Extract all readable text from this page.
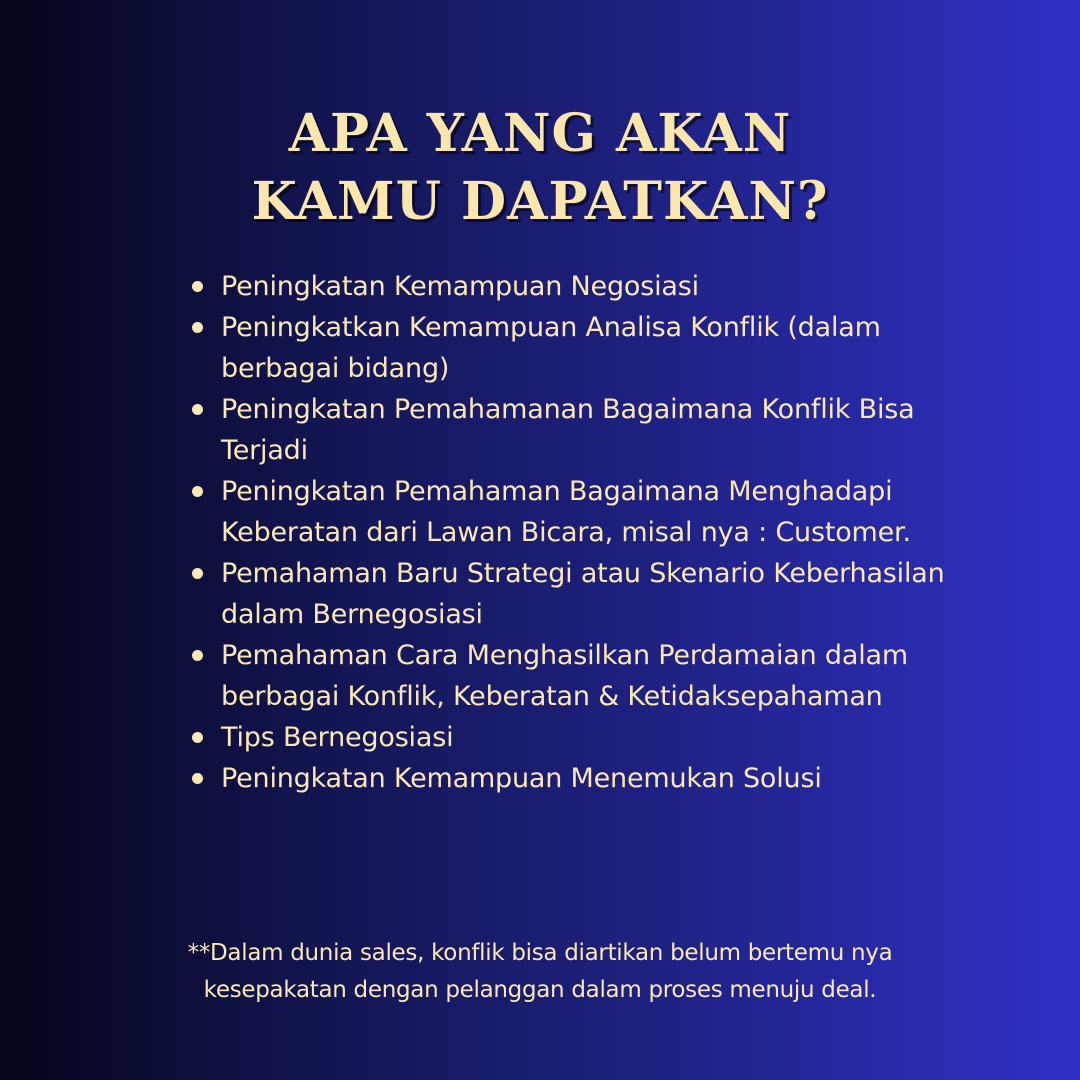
APA YANG AKAN
KAMU DAPATKAN?
Peningkatan Kemampuan Negosiasi
Peningkatkan Kemampuan Analisa Konflik (dalam berbagai bidang)
Peningkatan Pemahamanan Bagaimana Konflik Bisa Terjadi
Peningkatan Pemahaman Bagaimana Menghadapi Keberatan dari Lawan Bicara, misal nya : Customer.
Pemahaman Baru Strategi atau Skenario Keberhasilan dalam Bernegosiasi
Pemahaman Cara Menghasilkan Perdamaian dalam berbagai Konflik, Keberatan & Ketidaksepahaman
Tips Bernegosiasi
Peningkatan Kemampuan Menemukan Solusi

**Dalam dunia sales, konflik bisa diartikan belum bertemu nya
kesepakatan dengan pelanggan dalam proses menuju deal.
